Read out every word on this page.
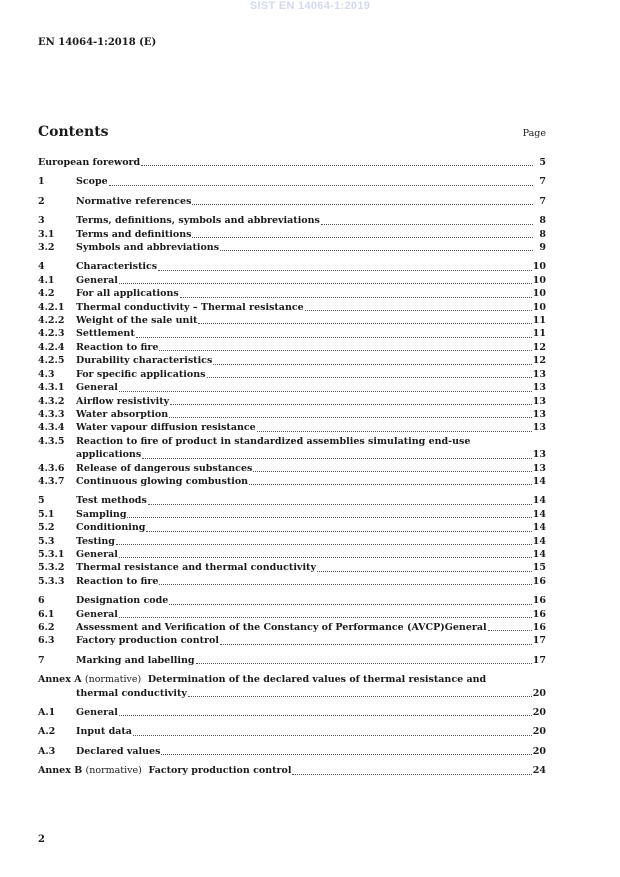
SIST EN 14064-1:2019
EN 14064-1:2018 (E)
Contents	Page
European foreword	5
1	Scope	7
2	Normative references	7
3	Terms, definitions, symbols and abbreviations	8
3.1	Terms and definitions	8
3.2	Symbols and abbreviations	9
4	Characteristics	10
4.1	General	10
4.2	For all applications	10
4.2.1	Thermal conductivity – Thermal resistance	10
4.2.2	Weight of the sale unit	11
4.2.3	Settlement	11
4.2.4	Reaction to fire	12
4.2.5	Durability characteristics	12
4.3	For specific applications	13
4.3.1	General	13
4.3.2	Airflow resistivity	13
4.3.3	Water absorption	13
4.3.4	Water vapour diffusion resistance	13
4.3.5	Reaction to fire of product in standardized assemblies simulating end-use
applications	13
4.3.6	Release of dangerous substances	13
4.3.7	Continuous glowing combustion	14
5	Test methods	14
5.1	Sampling	14
5.2	Conditioning	14
5.3	Testing	14
5.3.1	General	14
5.3.2	Thermal resistance and thermal conductivity	15
5.3.3	Reaction to fire	16
6	Designation code	16
6.1	General	16
6.2	Assessment and Verification of the Constancy of Performance (AVCP)General	16
6.3	Factory production control	17
7	Marking and labelling	17
Annex A (normative) Determination of the declared values of thermal resistance and
thermal conductivity	20
A.1	General	20
A.2	Input data	20
A.3	Declared values	20
Annex B (normative) Factory production control	24
2
